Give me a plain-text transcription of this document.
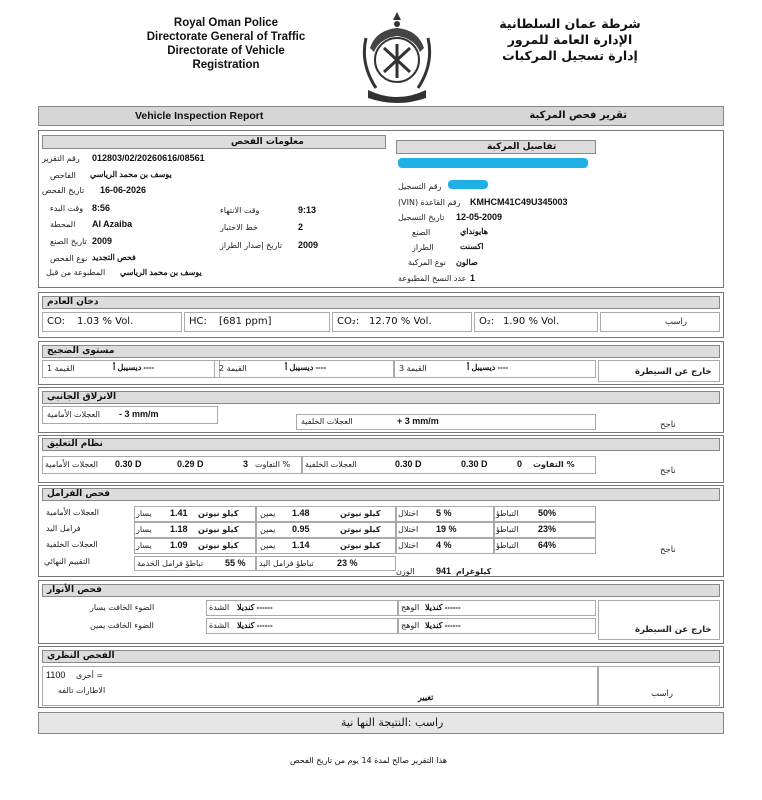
Royal Oman Police
Directorate General of Traffic
Directorate of Vehicle
Registration
شرطة عمان السلطانية
الإدارة العامة للمرور
إدارة تسجيل المركبات
Vehicle Inspection Report	تقرير فحص المركبة
معلومات الفحص	تفاصيل المركبة
رقم التقرير 012803/02/20260616/08561
الفاحص يوسف بن محمد الرياسي
تاريخ الفحص 16-06-2026
وقت البدء 8:56	وقت الانتهاء	9:13
المحطة Al Azaiba	خط الاختبار	2
تاريخ الصنع 2009	تاريخ إصدار الطراز 2009
نوع الفحص فحص التجديد
المطبوعة من قبل يوسف بن محمد الرياسي
رقم التسجيل
(VIN) رقم القاعدة KMHCM41C49U345003
تاريخ التسجيل 12-05-2009
الصنع	هايونداي
الطراز	اكسنت
نوع المركبة صالون
عدد النسخ المطبوعة 1
دخان العادم
CO: 1.03 % Vol.	HC: [681 ppm]	CO₂: 12.70 % Vol.	O₂: 1.90 % Vol.	راسب
مستوى الضجيج
القيمة 1	ديسيبل أ ----	القيمة 2	ديسيبل أ ----	القيمة 3	ديسيبل أ ----	خارج عن السيطرة
الانزلاق الجانبي
العجلات الأمامية - 3 mm/m
العجلات الخلفية	+ 3 mm/m	ناجح
نظام التعليق
العجلات الأمامية 0.30 D	0.29 D	3 التفاوت % العجلات الخلفية	0.30 D	0.30 D	0 التفاوت %
ناجح
فحص الفرامل
العجلات الأمامية	يسار 1.41 كيلو نيوتن	يمين 1.48	كيلو نيوتن اختلال 5 %	التباطؤ 50%
فرامل اليد	يسار 1.18 كيلو نيوتن	يمين 0.95	كيلو نيوتن اختلال 19 %	التباطؤ 23%
العجلات الخلفية	يسار 1.09 كيلو نيوتن	يمين 1.14	كيلو نيوتن اختلال 4 %	التباطؤ 64%
التقييم النهائي	تباطؤ فرامل الخدمة 55 % تباطؤ فرامل اليد	23 %
الوزن 941 كيلوغرام
ناجح
فحص الأنوار
الضوء الخافت يسار	الشدة كنديلا ------	الوهج كنديلا ------
الضوء الخافت يمين	الشدة كنديلا ------	الوهج كنديلا ------	خارج عن السيطرة
الفحص النظري
1100 أخرى =
الاطارات تالفه
تغيير	راسب
راسب :النتيجة النها نية
هذا التقرير صالح لمدة 14 يوم من تاريخ الفحص
